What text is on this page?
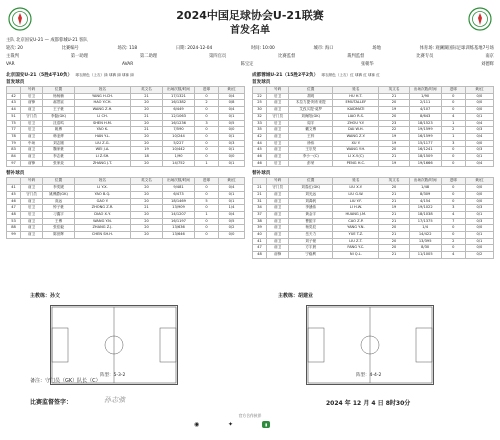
2024中国足球协会U-21联赛
首发名单
主队 北京国安U-21 — 成都蓉城U-21 客队
轮次: 20	比赛编号	场次: 118	日期: 2024-12-04	时间: 10:00	城市: 海口	场地	体育场: 观澜湖国际足球训练基地7号场
主裁判	第一助理	第二助理	第四官员	比赛监督	裁判监督	比赛专员	南京
VAR	AVAR	陈宝定	张朝华	刘德辉
北京国安U-21（5胜4平10负） 球衣颜色（上衣）绿 球裤 绿 球袜 绿
首发球员
	号码	位置	姓名	英文名	出场次数/时间	进球	黄/红
42	后卫	杨杨楠	YANG H.CH.	21	17/1321	0	0/4
43	前锋	郝景宸	HAO Y.CH.	20	16/1382	2	0/8
44	前卫	王子豪	WANG Z.H.	20	6/449	0	0/4
51	守门员	李磊(GK)	LI CH.	21	12/1063	0	0/1
75	后卫	沈浩鸣	SHEN H.M.	20	16/1236	3	0/5
77	后卫	姚博	YAO K.	21	7/590	0	0/0
78	前卫	韩亚烨	HAN Y.L.	20	10/244	0	0/1
79	中场	刘志刚	LIU Z.G.	20	5/227	0	0/3
83	前卫	魏家豪	WEI J.A.	19	10/442	0	0/1
84	前卫	李志豪	LI Z.SH.	18	1/90	0	0/0
97	前锋	张家炎	ZHANG J.T.	20	14/752	1	0/1
替补球员
	号码	位置	姓名	英文名	出场次数/时间	进球	黄/红
41	前卫	李奕媛	LI Y.X.	20	9/481	0	0/4
45	守门员	姚博爵(GK)	YAO B.Q.	20	6/473	0	0/1
46	前卫	高远	GAO Y.	20	18/1469	5	0/1
47	后卫	钟子豪	ZHONG Z.R.	21	13/909	0	1/4
48	后卫	刁鑫宇	DIAO X.Y.	20	14/1207	1	0/4
53	前卫	王博	WANG Y.N.	20	16/1197	0	0/5
88	前卫	张佳毅	ZHANG Z.J.	20	13/636	0	0/2
99	前卫	陈世辉	CHEN SH.H.	20	13/646	0	0/0
成都蓉城U-21（15胜2平2负） 球衣颜色（上衣）红 球裤 红 球袜 红
首发球员
	号码	位置	姓名	英文名	出场次数/时间	进球	黄/红
22	后卫	胡玥	HU H.T.	21	1/90	0	0/0
25	前卫	木拉力提·阿布来提	EMUTALLEF	20	2/111	0	0/0
30	前卫	艾孜买提·莫罗	KAIDMATI	19	4/107	0	0/0
32	守门员	刘海阳(GK)	LIAO R.S.	20	8/643	4	0/1
33	后卫	周宇	ZHOU Y.Y.	23	18/1523	1	0/4
35	前卫	戴文博	DAI W.H.	22	19/1599	2	0/3
42	前卫	王梓	WANG Z.Y.	19	16/1599	1	0/4
44	后卫	徐伟	XU Y.	19	15/1177	3	0/0
45	前卫	王宗昊	WANG Y.H.	20	16/1241	0	0/3
46	前卫	李小一(C)	LI X.Y.(C)	21	18/1509	0	0/1
46	后卫	彭荣	PENG H.C.	19	19/1666	0	0/4
替补球员
	号码	位置	姓名	英文名	出场次数/时间	进球	黄/红
21	守门员	刘春红(GK)	LIU X.Y.	20	1/48	0	0/0
21	前卫	刘光远	LIU G.W.	21	8/309	0	0/0
31	前卫	刘禹帆	LIU Y.F.	21	4/154	0	0/0
34	前卫	李涵伟	LI H.W.	19	19/1022	3	0/3
37	前卫	黄金宇	HUANG J.M.	21	18/1038	4	0/1
38	前卫	曹振宇	CAO Z.P.	21	17/1375	7	0/3
39	前卫	杨奕辰	YANG Y.N.	20	1/4	0	0/0
40	前卫	岳天力	YUE T.Z.	21	14/422	0	0/1
41	前卫	刘子豪	LIU Z.T.	20	13/395	2	0/1
47	前卫	方宇晨	FANG Y.C.	20	8/30	0	0/0
48	前锋	宁稳利	NI Q.L.	21	11/1005	4	0/2
主教练：孙文	主教练：胡建业
阵型：5-3-2	阵型：4-4-2
备注：守门员（GK）队长（C）
比赛监督签字：	孙志強	2024 年 12 月 4 日 8时30分
官方合作伙伴
◉	✦	▮
